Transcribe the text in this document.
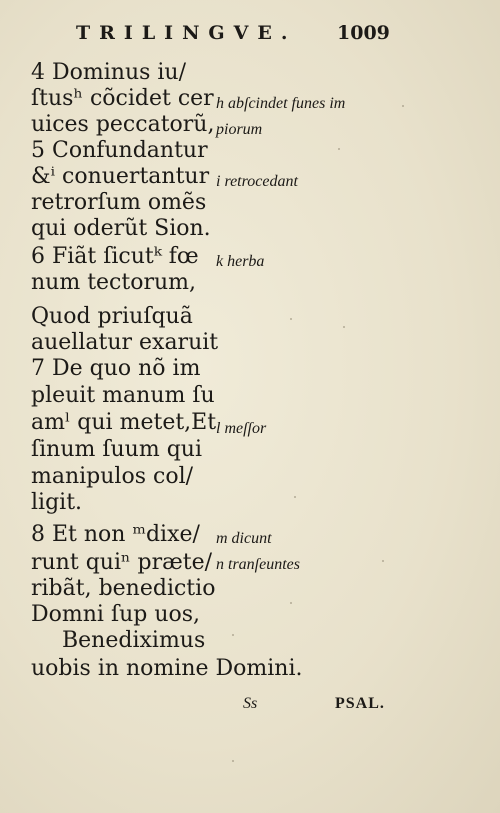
TRILINGVE. 1009
4 Dominus iu/
ſtusʰ cõcidet cer
uices peccatorũ,
5 Confundantur
&ⁱ conuertantur
retrorſum omẽs
qui oderũt Sion.
6 Fiãt ſicutᵏ fœ
num tectorum,
Quod priuſquã
auellatur exaruit
7 De quo nõ im
pleuit manum ſu
amˡ qui metet,Et
ſinum ſuum qui
manipulos col/
ligit.
8 Et non ᵐdixe/
runt quiⁿ præte/
ribãt, benedictio
Domni ſup uos,
Benediximus
uobis in nomine Domini.
h abſcindet funes im
piorum
i retrocedant
k herba
l meſſor
m dicunt
n tranſeuntes
Ss	PSAL.
